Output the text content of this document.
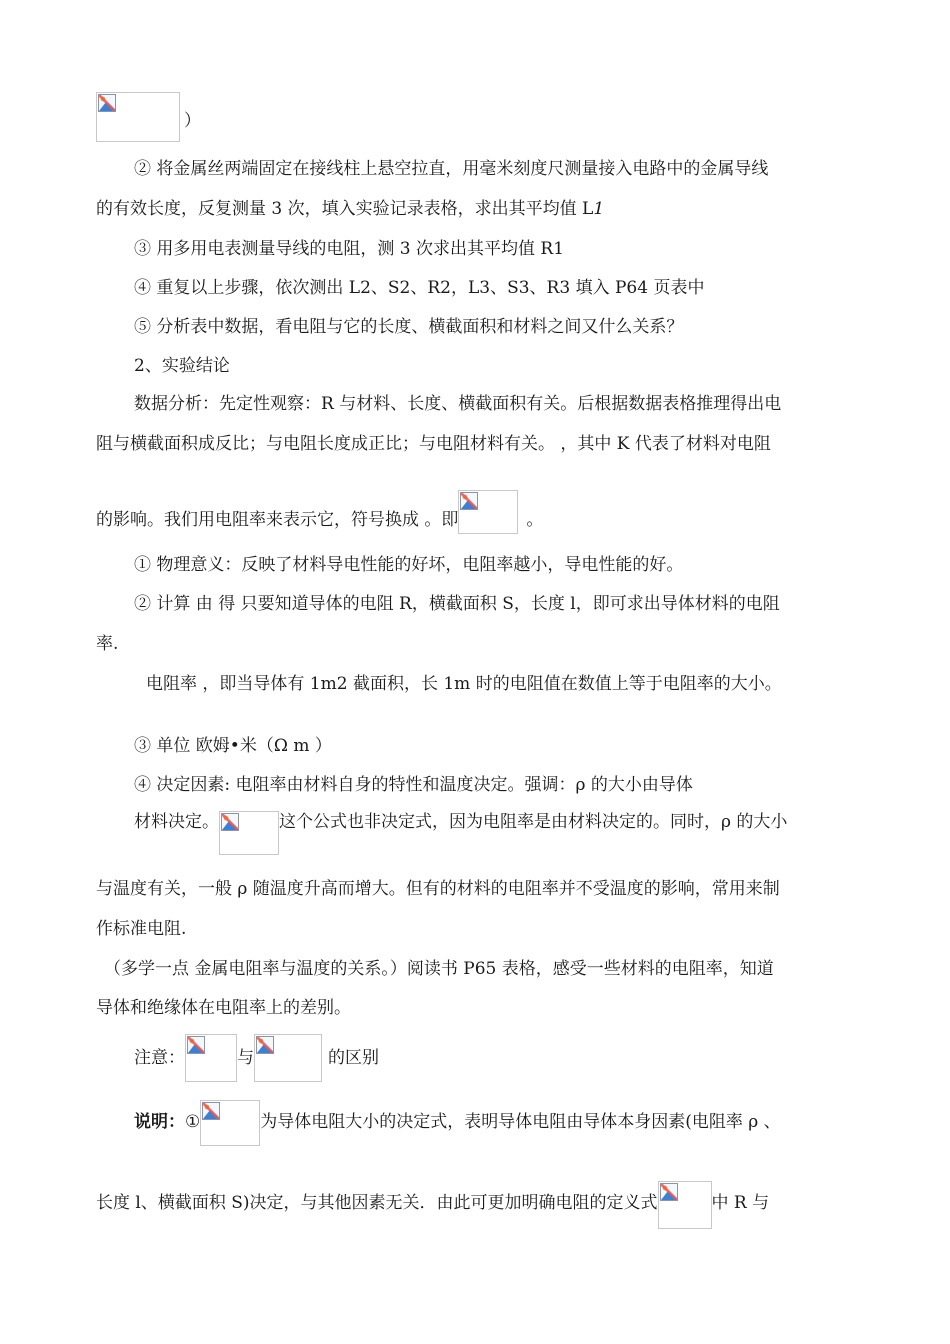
）
② 将金属丝两端固定在接线柱上悬空拉直，用毫米刻度尺测量接入电路中的金属导线
的有效长度，反复测量 3 次，填入实验记录表格，求出其平均值 L1
③ 用多用电表测量导线的电阻，测 3 次求出其平均值 R1
④ 重复以上步骤，依次测出 L2、S2、R2，L3、S3、R3 填入 P64 页表中
⑤ 分析表中数据，看电阻与它的长度、横截面积和材料之间又什么关系？
2、实验结论
数据分析：先定性观察：R 与材料、长度、横截面积有关。后根据数据表格推理得出电
阻与横截面积成反比；与电阻长度成正比；与电阻材料有关。 ，其中 K 代表了材料对电阻
的影响。我们用电阻率来表示它，符号换成 。即	。
① 物理意义：反映了材料导电性能的好坏，电阻率越小，导电性能的好。
② 计算 由 得 只要知道导体的电阻 R，横截面积 S，长度 l，即可求出导体材料的电阻
率.
电阻率 ，即当导体有 1m2 截面积，长 1m 时的电阻值在数值上等于电阻率的大小。
③ 单位 欧姆•米（Ω m ）
④ 决定因素: 电阻率由材料自身的特性和温度决定。强调：ρ 的大小由导体
材料决定。	这个公式也非决定式，因为电阻率是由材料决定的。同时，ρ 的大小
与温度有关，一般 ρ 随温度升高而增大。但有的材料的电阻率并不受温度的影响，常用来制
作标准电阻.
（多学一点 金属电阻率与温度的关系。）阅读书 P65 表格，感受一些材料的电阻率，知道
导体和绝缘体在电阻率上的差别。
注意：	与	的区别
说明：①	为导体电阻大小的决定式，表明导体电阻由导体本身因素(电阻率 ρ 、
长度 l、横截面积 S)决定，与其他因素无关．由此可更加明确电阻的定义式	中 R 与
